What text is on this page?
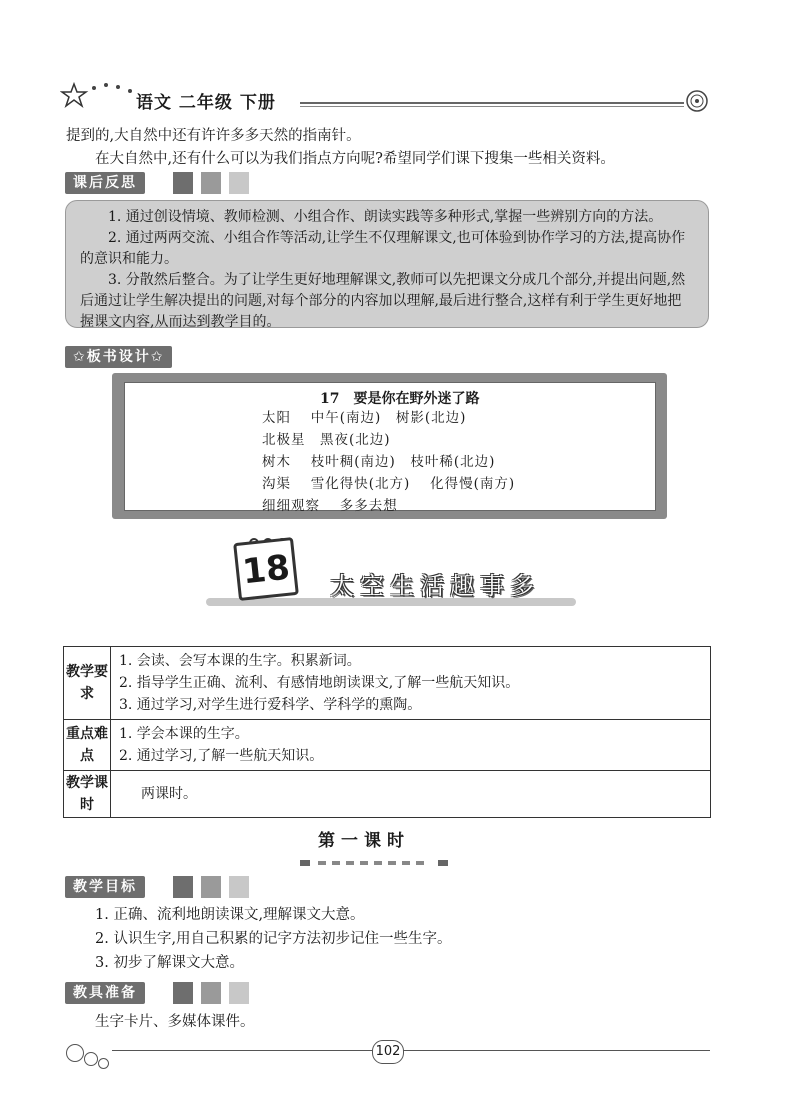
语文 二年级 下册
提到的,大自然中还有许许多多天然的指南针。
在大自然中,还有什么可以为我们指点方向呢?希望同学们课下搜集一些相关资料。
课后反思

1. 通过创设情境、教师检测、小组合作、朗读实践等多种形式,掌握一些辨别方向的方法。

2. 通过两两交流、小组合作等活动,让学生不仅理解课文,也可体验到协作学习的方法,提高协作的意识和能力。

3. 分散然后整合。为了让学生更好地理解课文,教师可以先把课文分成几个部分,并提出问题,然后通过让学生解决提出的问题,对每个部分的内容加以理解,最后进行整合,这样有利于学生更好地把握课文内容,从而达到教学目的。

✩板书设计✩
17　要是你在野外迷了路
太阳　 中午(南边)　树影(北边)
北极星　黑夜(北边)
树木　 枝叶稠(南边)　枝叶稀(北边)
沟渠　 雪化得快(北方)　 化得慢(南方)
细细观察　 多多去想
18 太空生活趣事多
教学要求	1. 会读、会写本课的生字。积累新词。
2. 指导学生正确、流利、有感情地朗读课文,了解一些航天知识。
3. 通过学习,对学生进行爱科学、学科学的熏陶。

重点难点	1. 学会本课的生字。
2. 通过学习,了解一些航天知识。

教学课时	两课时。
第一课时
教学目标
1. 正确、流利地朗读课文,理解课文大意。
2. 认识生字,用自己积累的记字方法初步记住一些生字。
3. 初步了解课文大意。
教具准备
生字卡片、多媒体课件。
102
